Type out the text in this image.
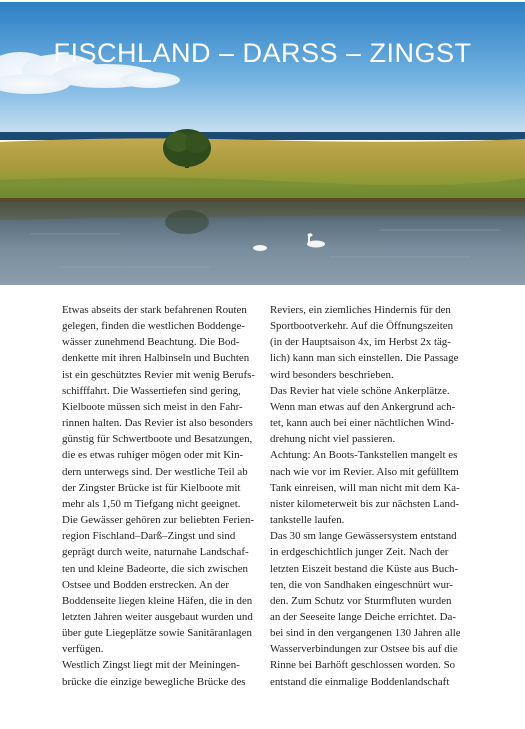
FISCHLAND – DARSS – ZINGST
Etwas abseits der stark befahrenen Routen
gelegen, finden die westlichen Boddenge-
wässer zunehmend Beachtung. Die Bod-
denkette mit ihren Halbinseln und Buchten
ist ein geschütztes Revier mit wenig Berufs-
schifffahrt. Die Wassertiefen sind gering,
Kielboote müssen sich meist in den Fahr-
rinnen halten. Das Revier ist also besonders
günstig für Schwertboote und Besatzungen,
die es etwas ruhiger mögen oder mit Kin-
dern unterwegs sind. Der westliche Teil ab
der Zingster Brücke ist für Kielboote mit
mehr als 1,50 m Tiefgang nicht geeignet.
Die Gewässer gehören zur beliebten Ferien-
region Fischland–Darß–Zingst und sind
geprägt durch weite, naturnahe Landschaf-
ten und kleine Badeorte, die sich zwischen
Ostsee und Bodden erstrecken. An der
Boddenseite liegen kleine Häfen, die in den
letzten Jahren weiter ausgebaut wurden und
über gute Liegeplätze sowie Sanitäranlagen
verfügen.
Westlich Zingst liegt mit der Meiningen-
brücke die einzige bewegliche Brücke des
Reviers, ein ziemliches Hindernis für den
Sportbootverkehr. Auf die Öffnungszeiten
(in der Hauptsaison 4x, im Herbst 2x täg-
lich) kann man sich einstellen. Die Passage
wird besonders beschrieben.
Das Revier hat viele schöne Ankerplätze.
Wenn man etwas auf den Ankergrund ach-
tet, kann auch bei einer nächtlichen Wind-
drehung nicht viel passieren.
Achtung: An Boots-Tankstellen mangelt es
nach wie vor im Revier. Also mit gefülltem
Tank einreisen, will man nicht mit dem Ka-
nister kilometerweit bis zur nächsten Land-
tankstelle laufen.
Das 30 sm lange Gewässersystem entstand
in erdgeschichtlich junger Zeit. Nach der
letzten Eiszeit bestand die Küste aus Buch-
ten, die von Sandhaken eingeschnürt wur-
den. Zum Schutz vor Sturmfluten wurden
an der Seeseite lange Deiche errichtet. Da-
bei sind in den vergangenen 130 Jahren alle
Wasserverbindungen zur Ostsee bis auf die
Rinne bei Barhöft geschlossen worden. So
entstand die einmalige Boddenlandschaft
